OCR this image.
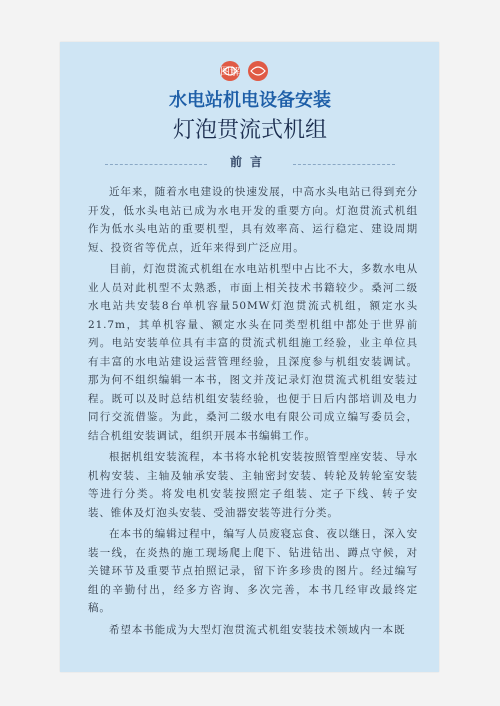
图解
水电站机电设备安装
灯泡贯流式机组
前言

近年来，随着水电建设的快速发展，中高水头电站已得到充分开发，低水头电站已成为水电开发的重要方向。灯泡贯流式机组作为低水头电站的重要机型，具有效率高、运行稳定、建设周期短、投资省等优点，近年来得到广泛应用。

目前，灯泡贯流式机组在水电站机型中占比不大，多数水电从业人员对此机型不太熟悉，市面上相关技术书籍较少。桑河二级水电站共安装8台单机容量50MW灯泡贯流式机组，额定水头21.7m，其单机容量、额定水头在同类型机组中都处于世界前列。电站安装单位具有丰富的贯流式机组施工经验，业主单位具有丰富的水电站建设运营管理经验，且深度参与机组安装调试。那为何不组织编辑一本书，图文并茂记录灯泡贯流式机组安装过程。既可以及时总结机组安装经验，也便于日后内部培训及电力同行交流借鉴。为此，桑河二级水电有限公司成立编写委员会，结合机组安装调试，组织开展本书编辑工作。

根据机组安装流程，本书将水轮机安装按照管型座安装、导水机构安装、主轴及轴承安装、主轴密封安装、转轮及转轮室安装等进行分类。将发电机安装按照定子组装、定子下线、转子安装、锥体及灯泡头安装、受油器安装等进行分类。

在本书的编辑过程中，编写人员废寝忘食、夜以继日，深入安装一线，在炎热的施工现场爬上爬下、钻进钻出、蹲点守候，对关键环节及重要节点拍照记录，留下许多珍贵的图片。经过编写组的辛勤付出，经多方咨询、多次完善，本书几经审改最终定稿。

希望本书能成为大型灯泡贯流式机组安装技术领域内一本既
